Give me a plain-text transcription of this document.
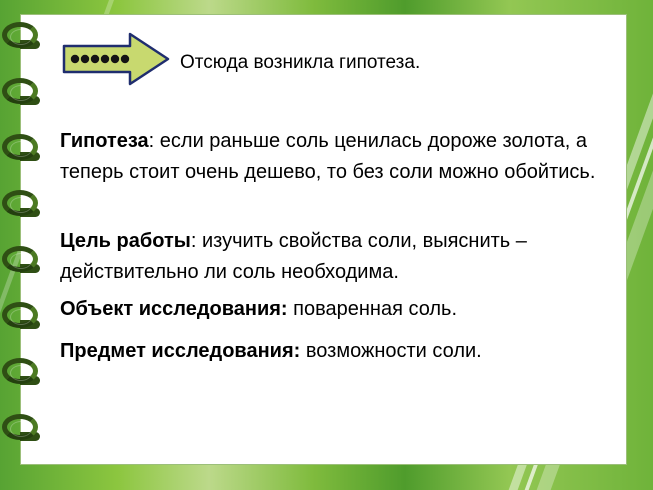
Отсюда возникла гипотеза.
Гипотеза: если раньше соль ценилась дороже золота, а теперь стоит очень дешево, то без соли можно обойтись.
Цель работы: изучить свойства соли, выяснить – действительно ли соль необходима.
Объект исследования: поваренная соль.
Предмет исследования: возможности соли.
